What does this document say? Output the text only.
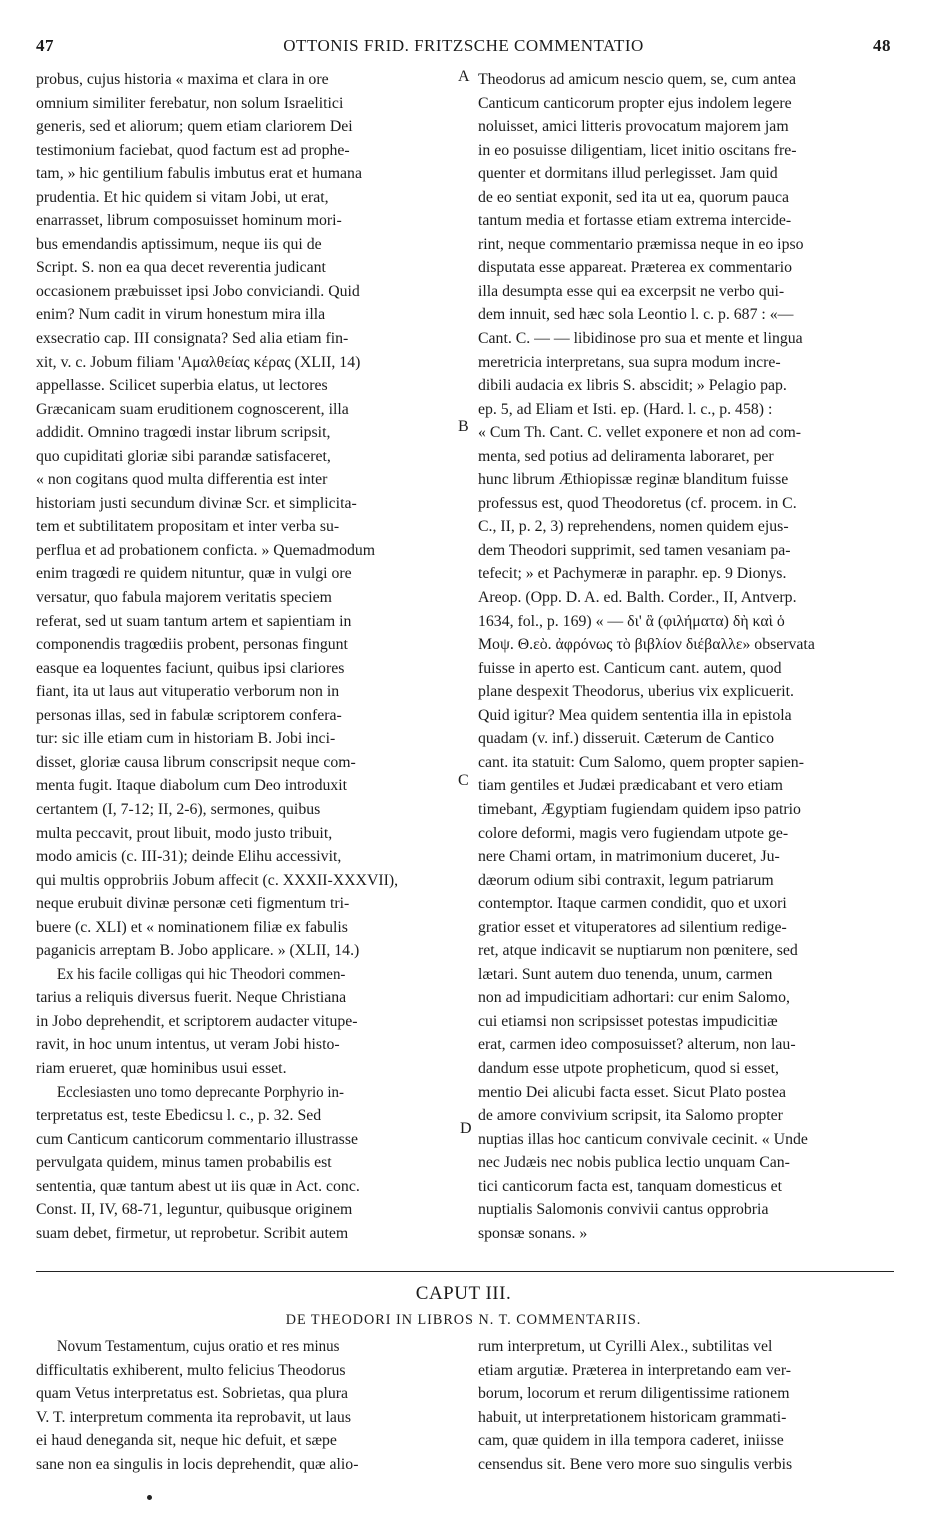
47	OTTONIS FRID. FRITZSCHE COMMENTATIO	48
probus, cujus historia « maxima et clara in ore
omnium similiter ferebatur, non solum Israelitici
generis, sed et aliorum; quem etiam clariorem Dei
testimonium faciebat, quod factum est ad prophe-
tam, » hic gentilium fabulis imbutus erat et humana
prudentia. Et hic quidem si vitam Jobi, ut erat,
enarrasset, librum composuisset hominum mori-
bus emendandis aptissimum, neque iis qui de
Script. S. non ea qua decet reverentia judicant
occasionem præbuisset ipsi Jobo conviciandi. Quid
enim? Num cadit in virum honestum mira illa
exsecratio cap. III consignata? Sed alia etiam fin-
xit, v. c. Jobum filiam 'Αμαλθείας κέρας (XLII, 14)
appellasse. Scilicet superbia elatus, ut lectores
Græcanicam suam eruditionem cognoscerent, illa
addidit. Omnino tragœdi instar librum scripsit,
quo cupiditati gloriæ sibi parandæ satisfaceret,
« non cogitans quod multa differentia est inter
historiam justi secundum divinæ Scr. et simplicita-
tem et subtilitatem propositam et inter verba su-
perflua et ad probationem conficta. » Quemadmodum
enim tragœdi re quidem nituntur, quæ in vulgi ore
versatur, quo fabula majorem veritatis speciem
referat, sed ut suam tantum artem et sapientiam in
componendis tragœdiis probent, personas fingunt
easque ea loquentes faciunt, quibus ipsi clariores
fiant, ita ut laus aut vituperatio verborum non in
personas illas, sed in fabulæ scriptorem conferа-
tur: sic ille etiam cum in historiam B. Jobi inci-
disset, gloriæ causa librum conscripsit neque com-
menta fugit. Itaque diabolum cum Deo introduxit
certantem (I, 7-12; II, 2-6), sermones, quibus
multa peccavit, prout libuit, modo justo tribuit,
modo amicis (c. III-31); deinde Elihu accessivit,
qui multis opprobriis Jobum affecit (c. XXXII-XXXVII),
neque erubuit divinæ personæ ceti figmentum tri-
buere (c. XLI) et « nominationem filiæ ex fabulis
paganicis arreptam B. Jobo applicare. » (XLII, 14.)
Ex his facile colligas qui hic Theodori commen-
tarius a reliquis diversus fuerit. Neque Christiana
in Jobo deprehendit, et scriptorem audacter vitupe-
ravit, in hoc unum intentus, ut veram Jobi histo-
riam erueret, quæ hominibus usui esset.
Ecclesiasten uno tomo deprecante Porphyrio in-
terpretatus est, teste Ebedicsu l. c., p. 32. Sed
cum Canticum canticorum commentario illustrasse
pervulgata quidem, minus tamen probabilis est
sententia, quæ tantum abest ut iis quæ in Act. conc.
Const. II, IV, 68-71, leguntur, quibusque originem
suam debet, firmetur, ut reprobetur. Scribit autem
A
B
C
D
Theodorus ad amicum nescio quem, se, cum antea
Canticum canticorum propter ejus indolem legere
noluisset, amici litteris provocatum majorem jam
in eo posuisse diligentiam, licet initio oscitans fre-
quenter et dormitans illud perlegisset. Jam quid
de eo sentiat exponit, sed ita ut ea, quorum pauca
tantum media et fortasse etiam extrema intercide-
rint, neque commentario præmissa neque in eo ipso
disputata esse appareat. Præterea ex commentario
illa desumpta esse qui ea excerpsit ne verbo qui-
dem innuit, sed hæc sola Leontio l. c. p. 687 : «—
Cant. C. — — libidinose pro sua et mente et lingua
meretricia interpretans, sua supra modum incre-
dibili audacia ex libris S. abscidit; » Pelagio pap.
ep. 5, ad Eliam et Isti. ep. (Hard. l. c., p. 458) :
« Cum Th. Cant. C. vellet exponere et non ad com-
menta, sed potius ad deliramenta laboraret, per
hunc librum Æthiopissæ reginæ blanditum fuisse
professus est, quod Theodoretus (cf. procem. in C.
C., II, p. 2, 3) reprehendens, nomen quidem ejus-
dem Theodori supprimit, sed tamen vesaniam pa-
tefecit; » et Pachymeræ in paraphr. ep. 9 Dionys.
Areop. (Opp. D. A. ed. Balth. Corder., II, Antverp.
1634, fol., p. 169) « — δι' ἃ (φιλήματα) δὴ καὶ ὁ
Μοψ. Θ.εὸ. ἀφρόνως τὸ βιβλίον διέβαλλε» observata
fuisse in aperto est. Canticum cant. autem, quod
plane despexit Theodorus, uberius vix explicuerit.
Quid igitur? Mea quidem sententia illa in epistola
quadam (v. inf.) disseruit. Cæterum de Cantico
cant. ita statuit: Cum Salomo, quem propter sapien-
tiam gentiles et Judæi prædicabant et vero etiam
timebant, Ægyptiam fugiendam quidem ipso patrio
colore deformi, magis vero fugiendam utpote ge-
nere Chami ortam, in matrimonium duceret, Ju-
dæorum odium sibi contraxit, legum patriarum
contemptor. Itaque carmen condidit, quo et uxori
gratior esset et vituperatores ad silentium redige-
ret, atque indicavit se nuptiarum non pœnitere, sed
lætari. Sunt autem duo tenenda, unum, carmen
non ad impudicitiam adhortari: cur enim Salomo,
cui etiamsi non scripsisset potestas impudicitiæ
erat, carmen ideo composuisset? alterum, non lau-
dandum esse utpote propheticum, quod si esset,
mentio Dei alicubi facta esset. Sicut Plato postea
de amore convivium scripsit, ita Salomo propter
nuptias illas hoc canticum convivale cecinit. « Unde
nec Judæis nec nobis publica lectio unquam Can-
tici canticorum facta est, tanquam domesticus et
nuptialis Salomonis convivii cantus opprobria
sponsæ sonans. »
CAPUT III.
DE THEODORI IN LIBROS N. T. COMMENTARIIS.
Novum Testamentum, cujus oratio et res minus
difficultatis exhiberent, multo felicius Theodorus
quam Vetus interpretatus est. Sobrietas, qua plura
V. T. interpretum commenta ita reprobavit, ut laus
ei haud deneganda sit, neque hic defuit, et sæpe
sane non ea singulis in locis deprehendit, quæ alio-
rum interpretum, ut Cyrilli Alex., subtilitas vel
etiam argutiæ. Præterea in interpretando eam ver-
borum, locorum et rerum diligentissime rationem
habuit, ut interpretationem historicam grammati-
cam, quæ quidem in illa tempora caderet, iniisse
censendus sit. Bene vero more suo singulis verbis
